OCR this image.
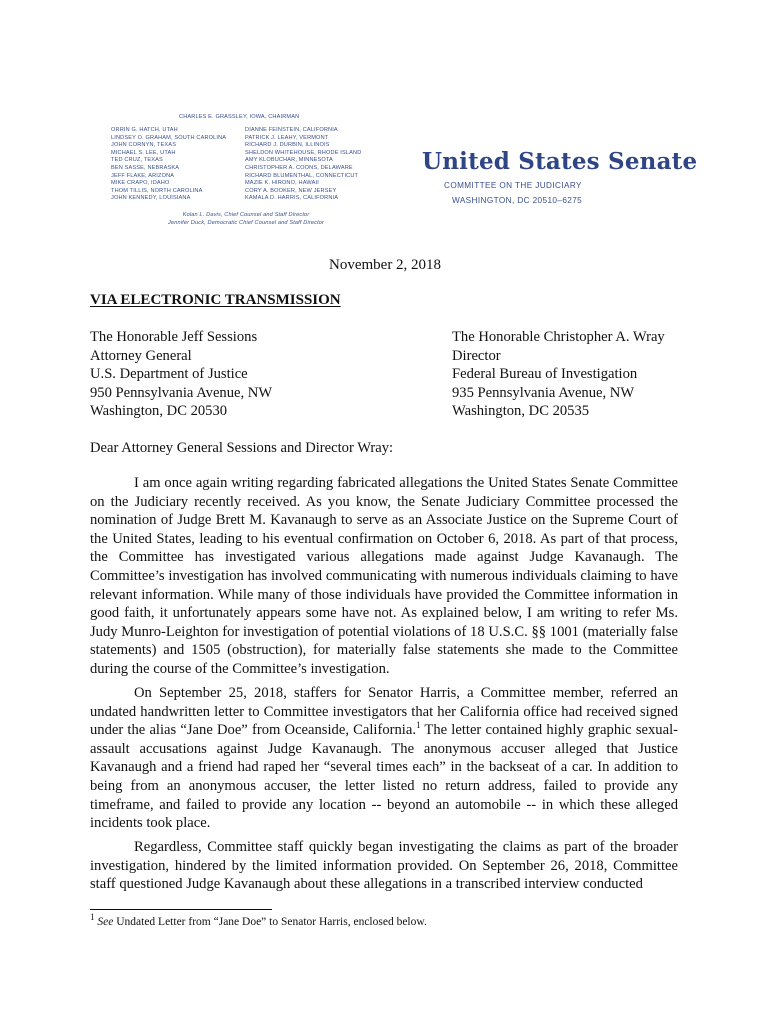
CHARLES E. GRASSLEY, IOWA, CHAIRMAN
ORRIN G. HATCH, UTAH
LINDSEY O. GRAHAM, SOUTH CAROLINA
JOHN CORNYN, TEXAS
MICHAEL S. LEE, UTAH
TED CRUZ, TEXAS
BEN SASSE, NEBRASKA
JEFF FLAKE, ARIZONA
MIKE CRAPO, IDAHO
THOM TILLIS, NORTH CAROLINA
JOHN KENNEDY, LOUISIANA
DIANNE FEINSTEIN, CALIFORNIA
PATRICK J. LEAHY, VERMONT
RICHARD J. DURBIN, ILLINOIS
SHELDON WHITEHOUSE, RHODE ISLAND
AMY KLOBUCHAR, MINNESOTA
CHRISTOPHER A. COONS, DELAWARE
RICHARD BLUMENTHAL, CONNECTICUT
MAZIE K. HIRONO, HAWAII
CORY A. BOOKER, NEW JERSEY
KAMALA D. HARRIS, CALIFORNIA
Kolan L. Davis, Chief Counsel and Staff Director
Jennifer Duck, Democratic Chief Counsel and Staff Director
United States Senate
COMMITTEE ON THE JUDICIARY
WASHINGTON, DC 20510–6275
November 2, 2018
VIA ELECTRONIC TRANSMISSION
The Honorable Jeff Sessions
Attorney General
U.S. Department of Justice
950 Pennsylvania Avenue, NW
Washington, DC 20530
The Honorable Christopher A. Wray
Director
Federal Bureau of Investigation
935 Pennsylvania Avenue, NW
Washington, DC 20535
Dear Attorney General Sessions and Director Wray:

I am once again writing regarding fabricated allegations the United States Senate Committee on the Judiciary recently received. As you know, the Senate Judiciary Committee processed the nomination of Judge Brett M. Kavanaugh to serve as an Associate Justice on the Supreme Court of the United States, leading to his eventual confirmation on October 6, 2018. As part of that process, the Committee has investigated various allegations made against Judge Kavanaugh. The Committee’s investigation has involved communicating with numerous individuals claiming to have relevant information. While many of those individuals have provided the Committee information in good faith, it unfortunately appears some have not. As explained below, I am writing to refer Ms. Judy Munro-Leighton for investigation of potential violations of 18 U.S.C. §§ 1001 (materially false statements) and 1505 (obstruction), for materially false statements she made to the Committee during the course of the Committee’s investigation.

On September 25, 2018, staffers for Senator Harris, a Committee member, referred an undated handwritten letter to Committee investigators that her California office had received signed under the alias “Jane Doe” from Oceanside, California.$^1$ The letter contained highly graphic sexual-assault accusations against Judge Kavanaugh. The anonymous accuser alleged that Justice Kavanaugh and a friend had raped her “several times each” in the backseat of a car. In addition to being from an anonymous accuser, the letter listed no return address, failed to provide any timeframe, and failed to provide any location -- beyond an automobile -- in which these alleged incidents took place.

Regardless, Committee staff quickly began investigating the claims as part of the broader investigation, hindered by the limited information provided. On September 26, 2018, Committee staff questioned Judge Kavanaugh about these allegations in a transcribed interview conducted

$^1$ See Undated Letter from “Jane Doe” to Senator Harris, enclosed below.
